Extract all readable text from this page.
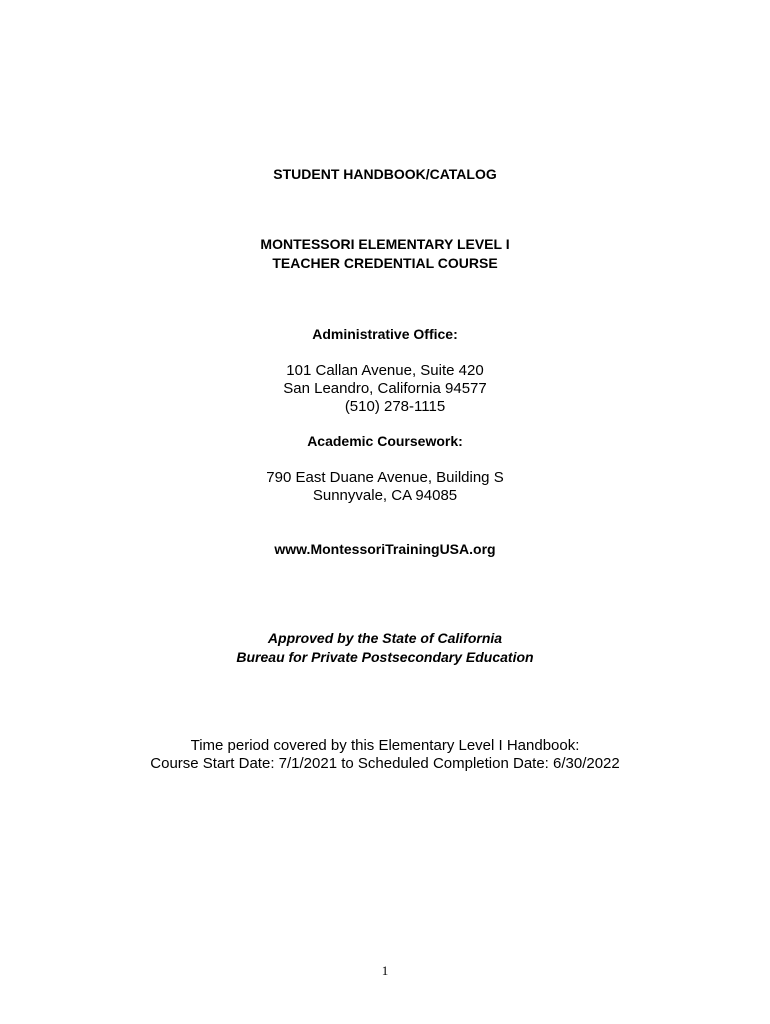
STUDENT HANDBOOK/CATALOG
MONTESSORI ELEMENTARY LEVEL I
TEACHER CREDENTIAL COURSE
Administrative Office:
101 Callan Avenue, Suite 420
San Leandro, California 94577
(510) 278-1115
Academic Coursework:
790 East Duane Avenue, Building S
Sunnyvale, CA 94085
www.MontessoriTrainingUSA.org
Approved by the State of California
Bureau for Private Postsecondary Education
Time period covered by this Elementary Level I Handbook:
Course Start Date: 7/1/2021 to Scheduled Completion Date: 6/30/2022
1
